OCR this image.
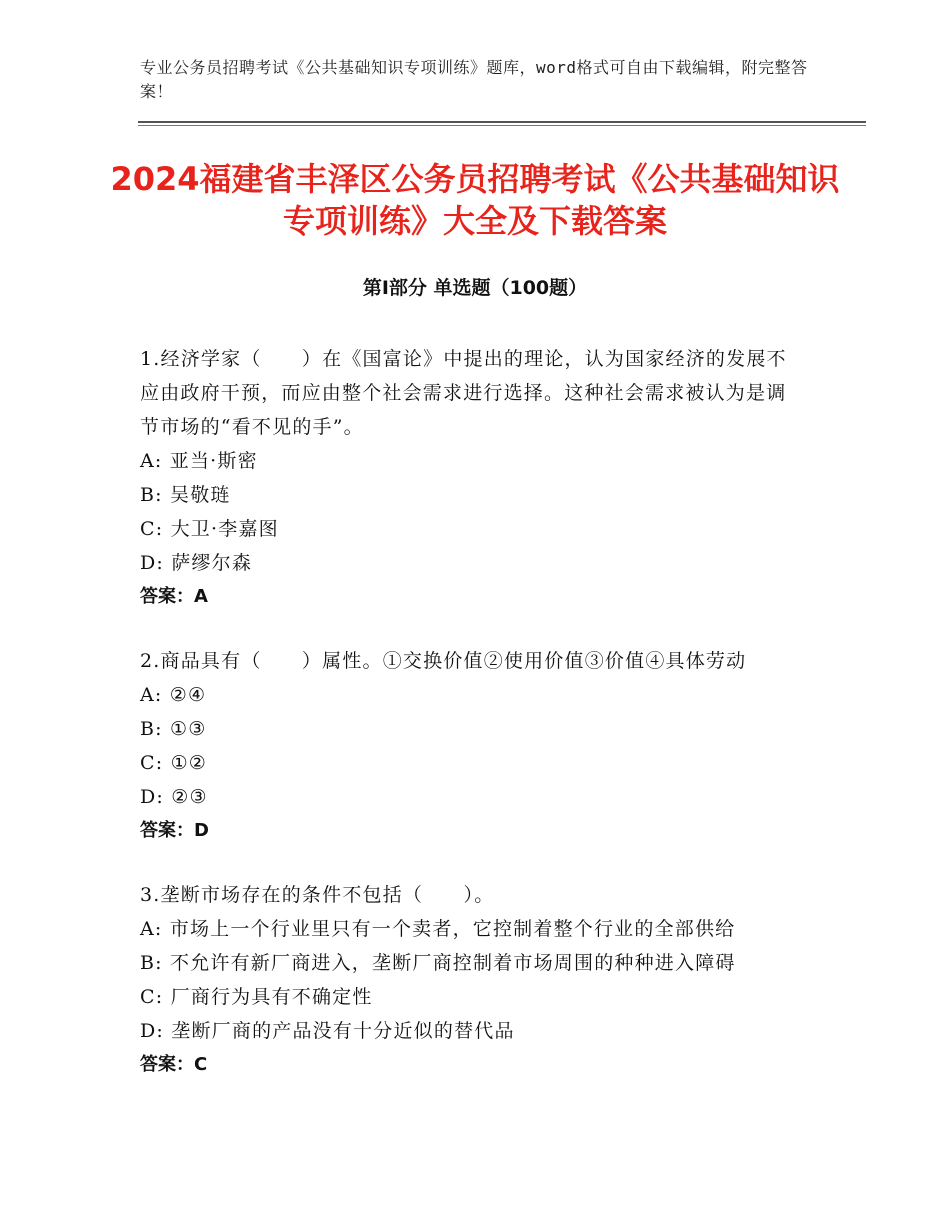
专业公务员招聘考试《公共基础知识专项训练》题库，word格式可自由下载编辑，附完整答案！
2024福建省丰泽区公务员招聘考试《公共基础知识专项训练》大全及下载答案
第Ⅰ部分 单选题（100题）

1.经济学家（　　）在《国富论》中提出的理论，认为国家经济的发展不应由政府干预，而应由整个社会需求进行选择。这种社会需求被认为是调节市场的“看不见的手”。

A: 亚当·斯密

B: 吴敬琏

C: 大卫·李嘉图

D: 萨缪尔森

答案：A

2.商品具有（　　）属性。①交换价值②使用价值③价值④具体劳动

A: ②④

B: ①③

C: ①②

D: ②③

答案：D

3.垄断市场存在的条件不包括（　　）。

A: 市场上一个行业里只有一个卖者，它控制着整个行业的全部供给

B: 不允许有新厂商进入，垄断厂商控制着市场周围的种种进入障碍

C: 厂商行为具有不确定性

D: 垄断厂商的产品没有十分近似的替代品

答案：C
